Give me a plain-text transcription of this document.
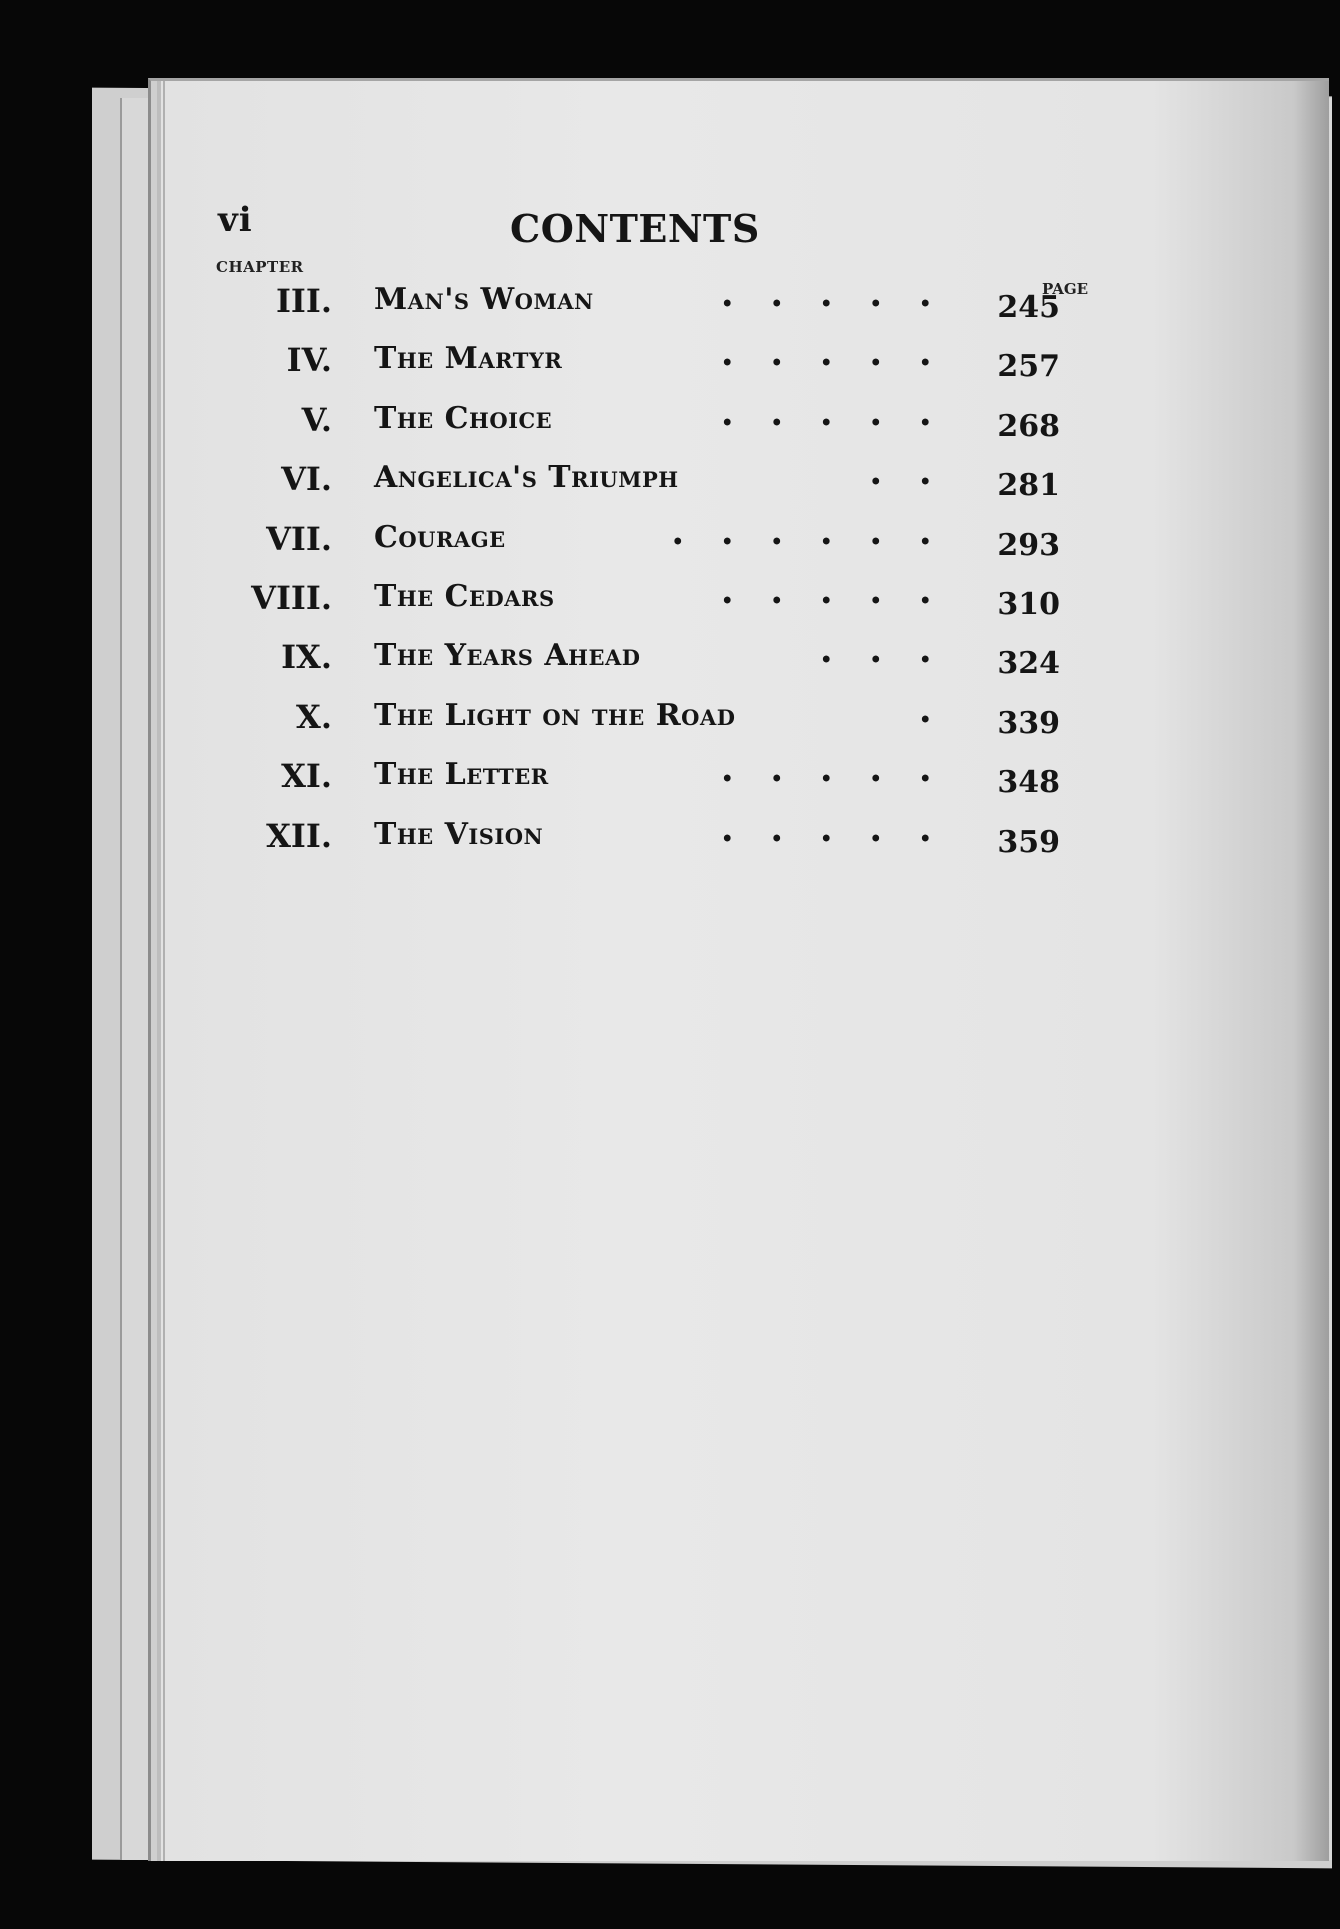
vi	CONTENTS
CHAPTER
PAGE
III. Man's Woman	245
IV. The Martyr	257
V. The Choice	268
VI. Angelica's Triumph	281
VII. Courage	293
VIII. The Cedars	310
IX. The Years Ahead	324
X. The Light on the Road	339
XI. The Letter	348
XII. The Vision	359
